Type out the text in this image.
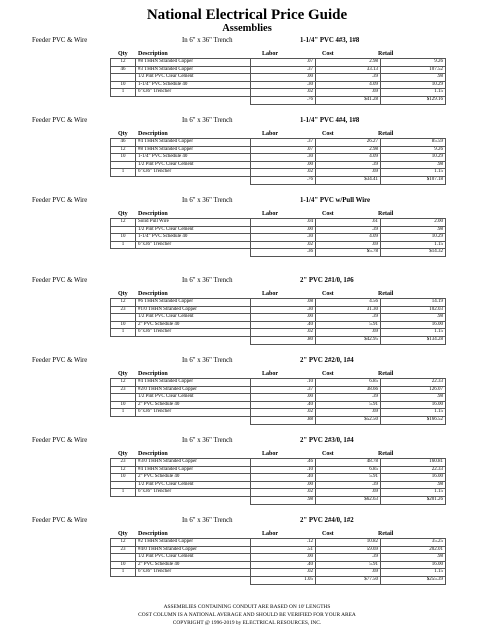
National Electrical Price Guide
Assemblies
Feeder PVC & Wire	In 6" x 36" Trench	1-1/4" PVC 4#3, 1#8
Qty Description	Labor	Cost	Retail
12	#8 THHN Stranded Copper	.07	2.98	9.26
46	#3 THHN Stranded Copper	.37	33.13	107.52
	1/2 Pint PVC Clear Cement	.00	.39	.98
10	1-1/4" PVC Schedule 40	.30	4.09	10.29
1	6"x36" Trencher	.02	.69	1.15
		.76	$41.28	$129.16
Feeder PVC & Wire	In 6" x 36" Trench	1-1/4" PVC 4#4, 1#8
Qty Description	Labor	Cost	Retail
46	#4 THHN Stranded Copper	.37	26.27	85.59
12	#8 THHN Stranded Copper	.07	2.98	9.26
10	1-1/4" PVC Schedule 40	.30	4.09	10.29
	1/2 Pint PVC Clear Cement	.00	.39	.98
1	6"x36" Trencher	.02	.69	1.15
		.76	$34.41	$107.18
Feeder PVC & Wire	In 6" x 36" Trench	1-1/4" PVC w/Pull Wire
Qty Description	Labor	Cost	Retail
12	Solid Pull Wire	.04	.61	2.00
	1/2 Pint PVC Clear Cement	.00	.39	.98
10	1-1/4" PVC Schedule 40	.30	4.09	10.29
1	6"x36" Trencher	.02	.69	1.15
		.36	$5.78	$14.32
Feeder PVC & Wire	In 6" x 36" Trench	2" PVC 2#1/0, 1#6
Qty Description	Labor	Cost	Retail
12	#6 THHN Stranded Copper	.08	4.56	14.19
23	#1/0 THHN Stranded Copper	.30	31.30	102.03
	1/2 Pint PVC Clear Cement	.00	.39	.98
10	2" PVC Schedule 40	.40	5.91	16.00
1	6"x36" Trencher	.02	.69	1.15
		.80	$42.95	$134.28
Feeder PVC & Wire	In 6" x 36" Trench	2" PVC 2#2/0, 1#4
Qty Description	Labor	Cost	Retail
12	#4 THHN Stranded Copper	.10	6.85	22.33
23	#2/0 THHN Stranded Copper	.37	38.66	126.07
	1/2 Pint PVC Clear Cement	.00	.39	.98
10	2" PVC Schedule 40	.40	5.91	16.00
1	6"x36" Trencher	.02	.69	1.15
		.88	$52.50	$166.52
Feeder PVC & Wire	In 6" x 36" Trench	2" PVC 2#3/0, 1#4
Qty Description	Labor	Cost	Retail
23	#3/0 THHN Stranded Copper	.46	48.78	160.81
12	#4 THHN Stranded Copper	.10	6.85	22.33
10	2" PVC Schedule 40	.40	5.91	16.00
	1/2 Pint PVC Clear Cement	.00	.39	.98
1	6"x36" Trencher	.02	.69	1.15
		.98	$62.63	$201.26
Feeder PVC & Wire	In 6" x 36" Trench	2" PVC 2#4/0, 1#2
Qty Description	Labor	Cost	Retail
12	#2 THHN Stranded Copper	.12	10.82	35.25
23	#4/0 THHN Stranded Copper	.51	59.69	202.01
	1/2 Pint PVC Clear Cement	.00	.39	.98
10	2" PVC Schedule 40	.40	5.91	16.00
1	6"x36" Trencher	.02	.69	1.15
		1.05	$77.50	$255.39
ASSEMBLIES CONTAINING CONDUIT ARE BASED ON 10' LENGTHS
COST COLUMN IS A NATIONAL AVERAGE AND SHOULD BE VERIFIED FOR YOUR AREA
COPYRIGHT @ 1996-2019 by ELECTRICAL RESOURCES, INC.
